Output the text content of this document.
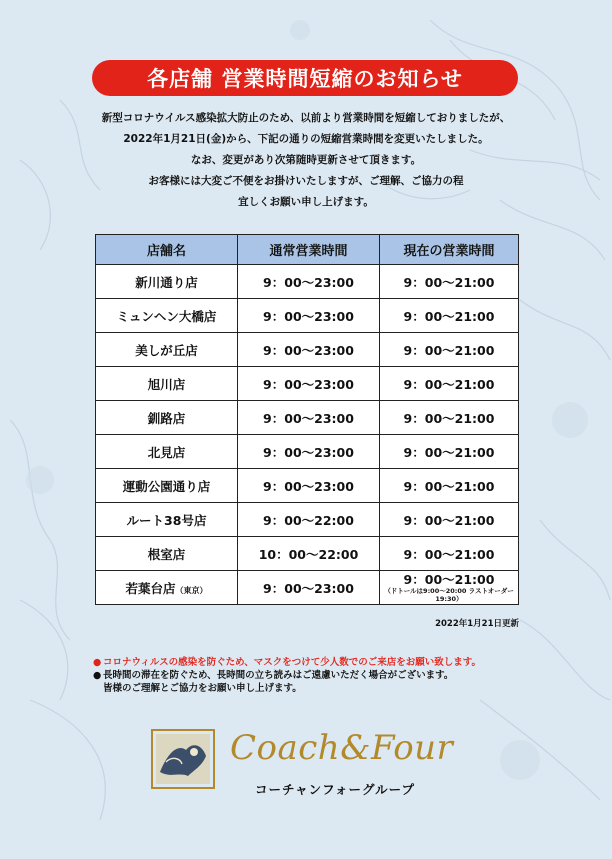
各店舗 営業時間短縮のお知らせ
新型コロナウイルス感染拡大防止のため、以前より営業時間を短縮しておりましたが、
2022年1月21日(金)から、下記の通りの短縮営業時間を変更いたしました。
なお、変更があり次第随時更新させて頂きます。
お客様には大変ご不便をお掛けいたしますが、ご理解、ご協力の程
宜しくお願い申し上げます。
店舗名	通常営業時間	現在の営業時間
新川通り店	9：00～23:00	9：00～21:00
ミュンヘン大橋店	9：00～23:00	9：00～21:00
美しが丘店	9：00～23:00	9：00～21:00
旭川店	9：00～23:00	9：00～21:00
釧路店	9：00～23:00	9：00～21:00
北見店	9：00～23:00	9：00～21:00
運動公園通り店	9：00～23:00	9：00～21:00
ルート38号店	9：00～22:00	9：00～21:00
根室店	10：00～22:00	9：00～21:00
若葉台店（東京）	9：00～23:00	9：00～21:00
（ドトールは9:00～20:00 ラストオーダー19:30）
2022年1月21日更新
● コロナウィルスの感染を防ぐため、マスクをつけて少人数でのご来店をお願い致します。
● 長時間の滞在を防ぐため、長時間の立ち読みはご遠慮いただく場合がございます。
皆様のご理解とご協力をお願い申し上げます。
Coach&Four
コーチャンフォーグループ
